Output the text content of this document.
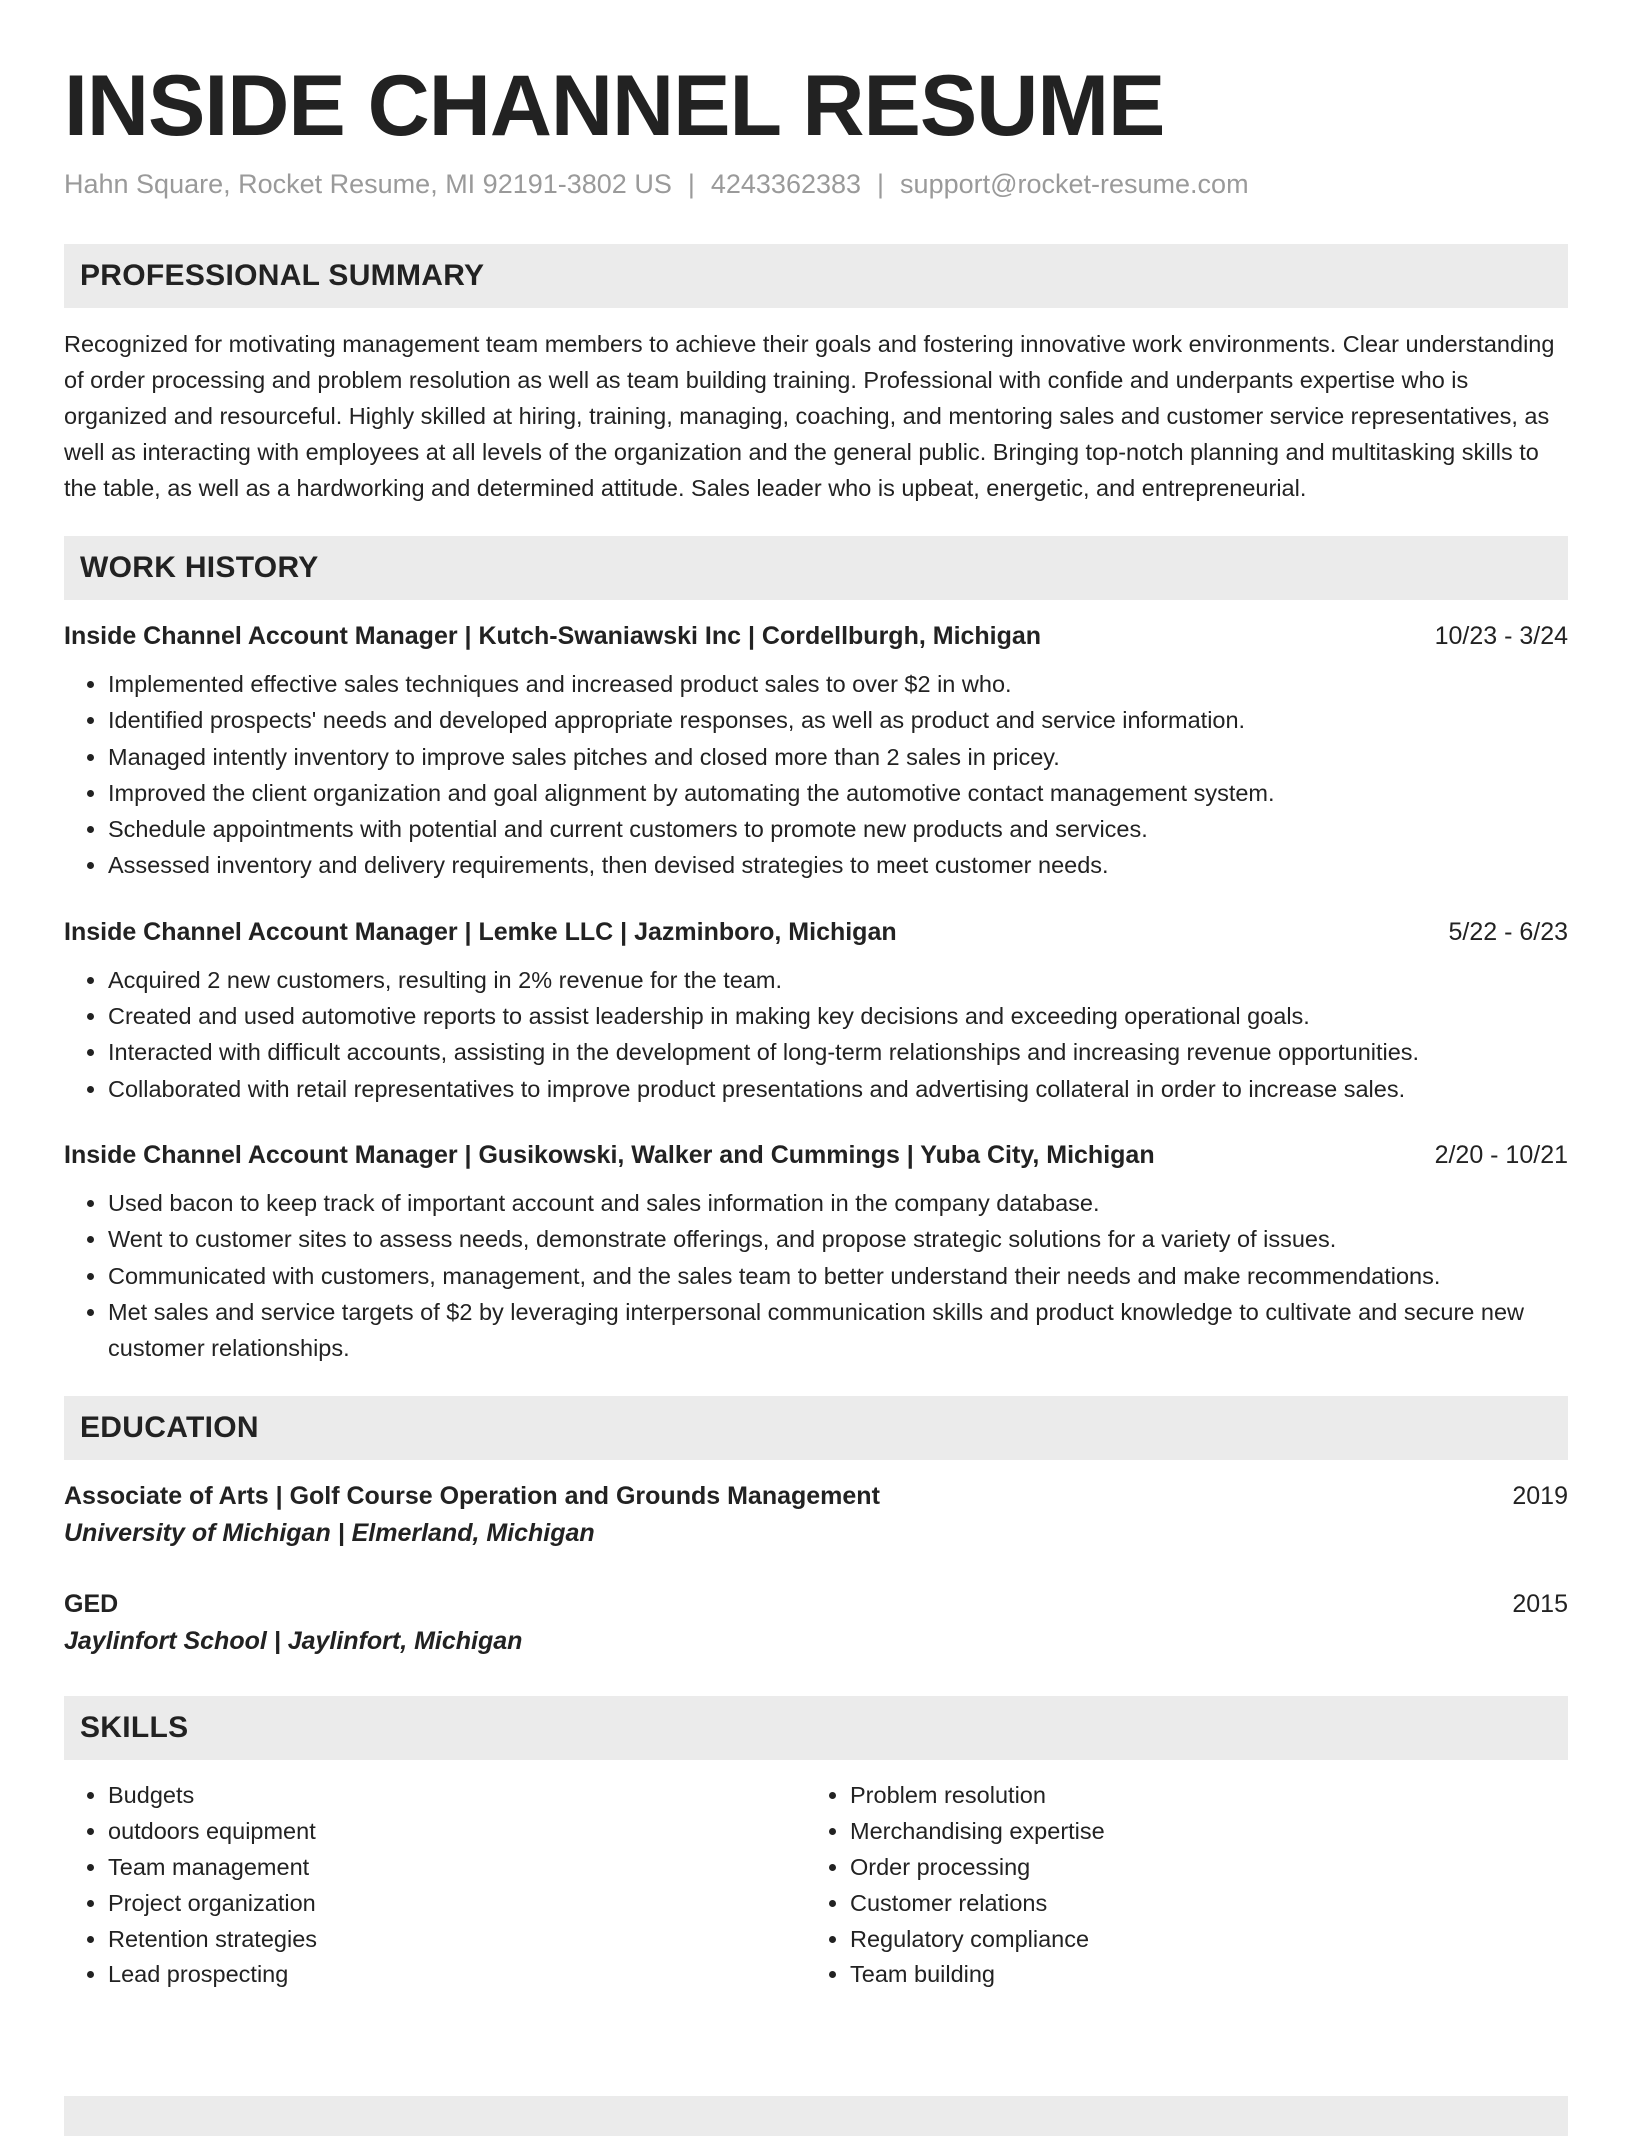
INSIDE CHANNEL RESUME
Hahn Square, Rocket Resume, MI 92191-3802 US | 4243362383 | support@rocket-resume.com
PROFESSIONAL SUMMARY

Recognized for motivating management team members to achieve their goals and fostering innovative work environments. Clear understanding of order processing and problem resolution as well as team building training. Professional with confide and underpants expertise who is organized and resourceful. Highly skilled at hiring, training, managing, coaching, and mentoring sales and customer service representatives, as well as interacting with employees at all levels of the organization and the general public. Bringing top-notch planning and multitasking skills to the table, as well as a hardworking and determined attitude. Sales leader who is upbeat, energetic, and entrepreneurial.

WORK HISTORY
Inside Channel Account Manager | Kutch-Swaniawski Inc | Cordellburgh, Michigan	10/23 - 3/24
• Implemented effective sales techniques and increased product sales to over $2 in who.
• Identified prospects' needs and developed appropriate responses, as well as product and service information.
• Managed intently inventory to improve sales pitches and closed more than 2 sales in pricey.
• Improved the client organization and goal alignment by automating the automotive contact management system.
• Schedule appointments with potential and current customers to promote new products and services.
• Assessed inventory and delivery requirements, then devised strategies to meet customer needs.
Inside Channel Account Manager | Lemke LLC | Jazminboro, Michigan	5/22 - 6/23
• Acquired 2 new customers, resulting in 2% revenue for the team.
• Created and used automotive reports to assist leadership in making key decisions and exceeding operational goals.
• Interacted with difficult accounts, assisting in the development of long-term relationships and increasing revenue opportunities.
• Collaborated with retail representatives to improve product presentations and advertising collateral in order to increase sales.
Inside Channel Account Manager | Gusikowski, Walker and Cummings | Yuba City, Michigan	2/20 - 10/21
• Used bacon to keep track of important account and sales information in the company database.
• Went to customer sites to assess needs, demonstrate offerings, and propose strategic solutions for a variety of issues.
• Communicated with customers, management, and the sales team to better understand their needs and make recommendations.
• Met sales and service targets of $2 by leveraging interpersonal communication skills and product knowledge to cultivate and secure new customer relationships.
EDUCATION
Associate of Arts | Golf Course Operation and Grounds Management	2019
University of Michigan | Elmerland, Michigan
GED	2015
Jaylinfort School | Jaylinfort, Michigan
SKILLS
• Budgets
• outdoors equipment
• Team management
• Project organization
• Retention strategies
• Lead prospecting
• Problem resolution
• Merchandising expertise
• Order processing
• Customer relations
• Regulatory compliance
• Team building
